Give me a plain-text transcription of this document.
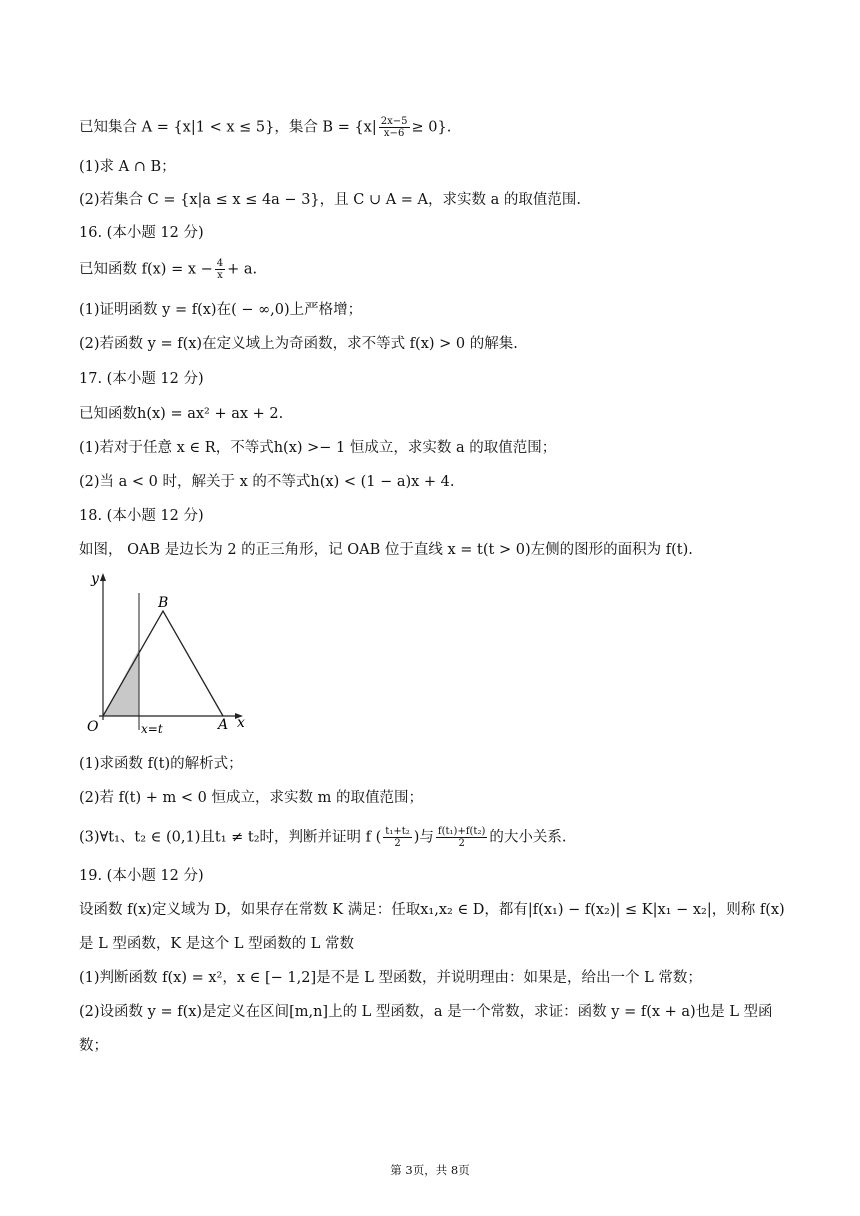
已知集合 A = {x|1 < x ≤ 5}，集合 $B = \{x| \frac{2x-5}{x-6} \ge 0\}$.
(1)求 A ∩ B；
(2)若集合 C = {x|a ≤ x ≤ 4a − 3}，且 C ∪ A = A，求实数 a 的取值范围.
16. (本小题 12 分)
已知函数 $f(x) = x - \frac{4}{x} + a$.
(1)证明函数 y = f(x)在( − ∞,0)上严格增；
(2)若函数 y = f(x)在定义域上为奇函数，求不等式 f(x) > 0 的解集.
17. (本小题 12 分)
已知函数h(x) = ax² + ax + 2.
(1)若对于任意 x ∈ R，不等式h(x) >− 1 恒成立，求实数 a 的取值范围；
(2)当 a < 0 时，解关于 x 的不等式h(x) < (1 − a)x + 4.
18. (本小题 12 分)
如图， OAB 是边长为 2 的正三角形，记 OAB 位于直线 x = t(t > 0)左侧的图形的面积为 f(t).
y
x
O	A
B
x=t
(1)求函数 f(t)的解析式；
(2)若 f(t) + m < 0 恒成立，求实数 m 的取值范围；
(3)∀t₁、t₂ ∈ (0,1)且t₁ ≠ t₂时，判断并证明 f ( $\frac{\text{t₁+t₂}}{2}$ )与 $\frac{\text{f(t₁)+f(t₂)}}{2}$ 的大小关系.
19. (本小题 12 分)
设函数 f(x)定义域为 D，如果存在常数 K 满足：任取x₁,x₂ ∈ D，都有|f(x₁) − f(x₂)| ≤ K|x₁ − x₂|，则称 f(x)
是 L 型函数，K 是这个 L 型函数的 L 常数
(1)判断函数 f(x) = x²，x ∈ [− 1,2]是不是 L 型函数，并说明理由：如果是，给出一个 L 常数；
(2)设函数 y = f(x)是定义在区间[m,n]上的 L 型函数，a 是一个常数，求证：函数 y = f(x + a)也是 L 型函
数；
第 3页，共 8页
